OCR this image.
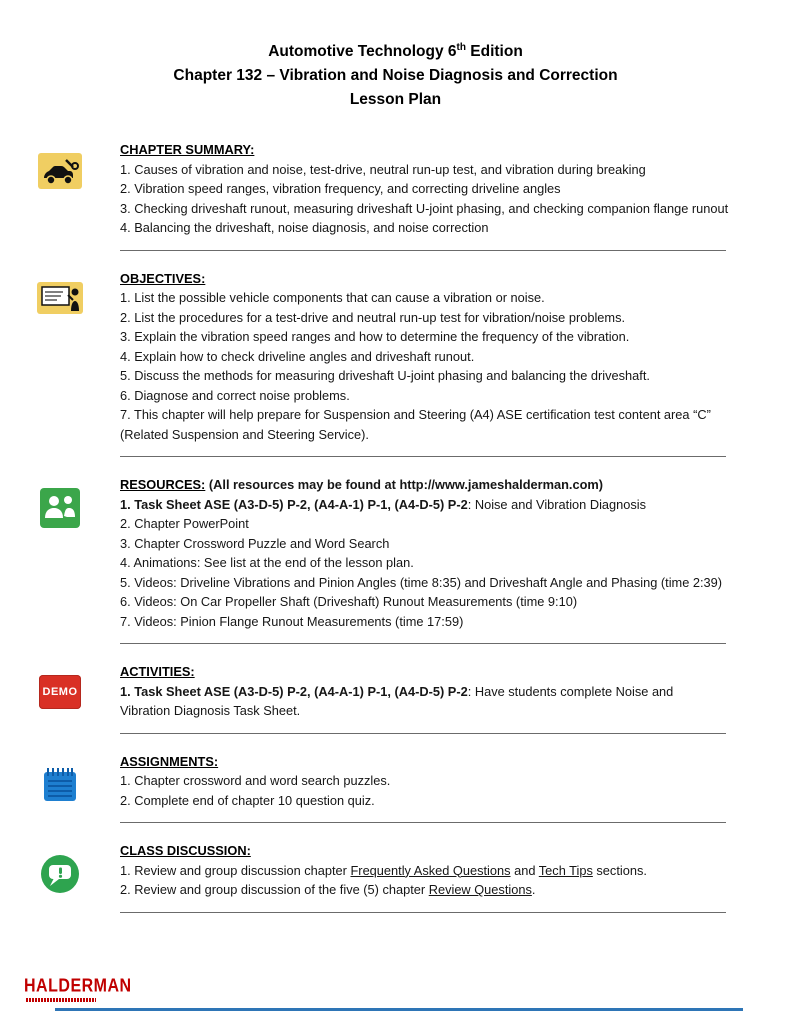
Automotive Technology 6th Edition
Chapter 132 – Vibration and Noise Diagnosis and Correction
Lesson Plan
CHAPTER SUMMARY:
1. Causes of vibration and noise, test-drive, neutral run-up test, and vibration during breaking
2. Vibration speed ranges, vibration frequency, and correcting driveline angles
3. Checking driveshaft runout, measuring driveshaft U-joint phasing, and checking companion flange runout
4. Balancing the driveshaft, noise diagnosis, and noise correction
OBJECTIVES:
1. List the possible vehicle components that can cause a vibration or noise.
2. List the procedures for a test-drive and neutral run-up test for vibration/noise problems.
3. Explain the vibration speed ranges and how to determine the frequency of the vibration.
4. Explain how to check driveline angles and driveshaft runout.
5. Discuss the methods for measuring driveshaft U-joint phasing and balancing the driveshaft.
6. Diagnose and correct noise problems.
7. This chapter will help prepare for Suspension and Steering (A4) ASE certification test content area “C” (Related Suspension and Steering Service).
RESOURCES: (All resources may be found at http://www.jameshalderman.com)
1. Task Sheet ASE (A3-D-5) P-2, (A4-A-1) P-1, (A4-D-5) P-2: Noise and Vibration Diagnosis
2. Chapter PowerPoint
3. Chapter Crossword Puzzle and Word Search
4. Animations: See list at the end of the lesson plan.
5. Videos: Driveline Vibrations and Pinion Angles (time 8:35) and Driveshaft Angle and Phasing (time 2:39)
6. Videos: On Car Propeller Shaft (Driveshaft) Runout Measurements (time 9:10)
7. Videos: Pinion Flange Runout Measurements (time 17:59)
DEMO
ACTIVITIES:
1. Task Sheet ASE (A3-D-5) P-2, (A4-A-1) P-1, (A4-D-5) P-2: Have students complete Noise and Vibration Diagnosis Task Sheet.
ASSIGNMENTS:
1. Chapter crossword and word search puzzles.
2. Complete end of chapter 10 question quiz.
CLASS DISCUSSION:
1. Review and group discussion chapter Frequently Asked Questions and Tech Tips sections.
2. Review and group discussion of the five (5) chapter Review Questions.
HALDERMAN
